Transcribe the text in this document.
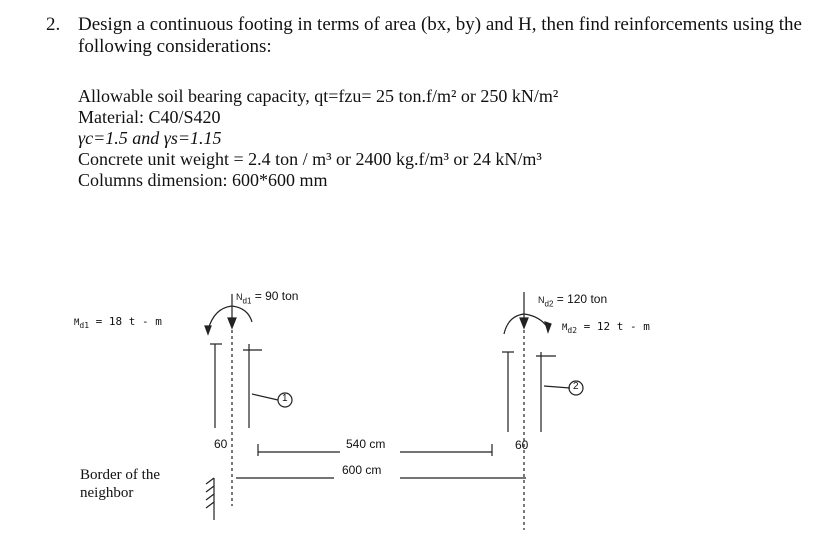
2. Design a continuous footing in terms of area (bx, by) and H, then find reinforcements using the following considerations:
Allowable soil bearing capacity, qt=fzu= 25 ton.f/m² or 250 kN/m²
Material: C40/S420
γc=1.5 and γs=1.15
Concrete unit weight = 2.4 ton / m³ or 2400 kg.f/m³ or 24 kN/m³
Columns dimension: 600*600 mm
$N_{d1} = 90$ ton
$M_{d1} = 18$ t - m
$N_{d2} = 120$ ton
$M_{d2} = 12$ t - m
1
2
60	60
540 cm
600 cm
Border of the
neighbor
